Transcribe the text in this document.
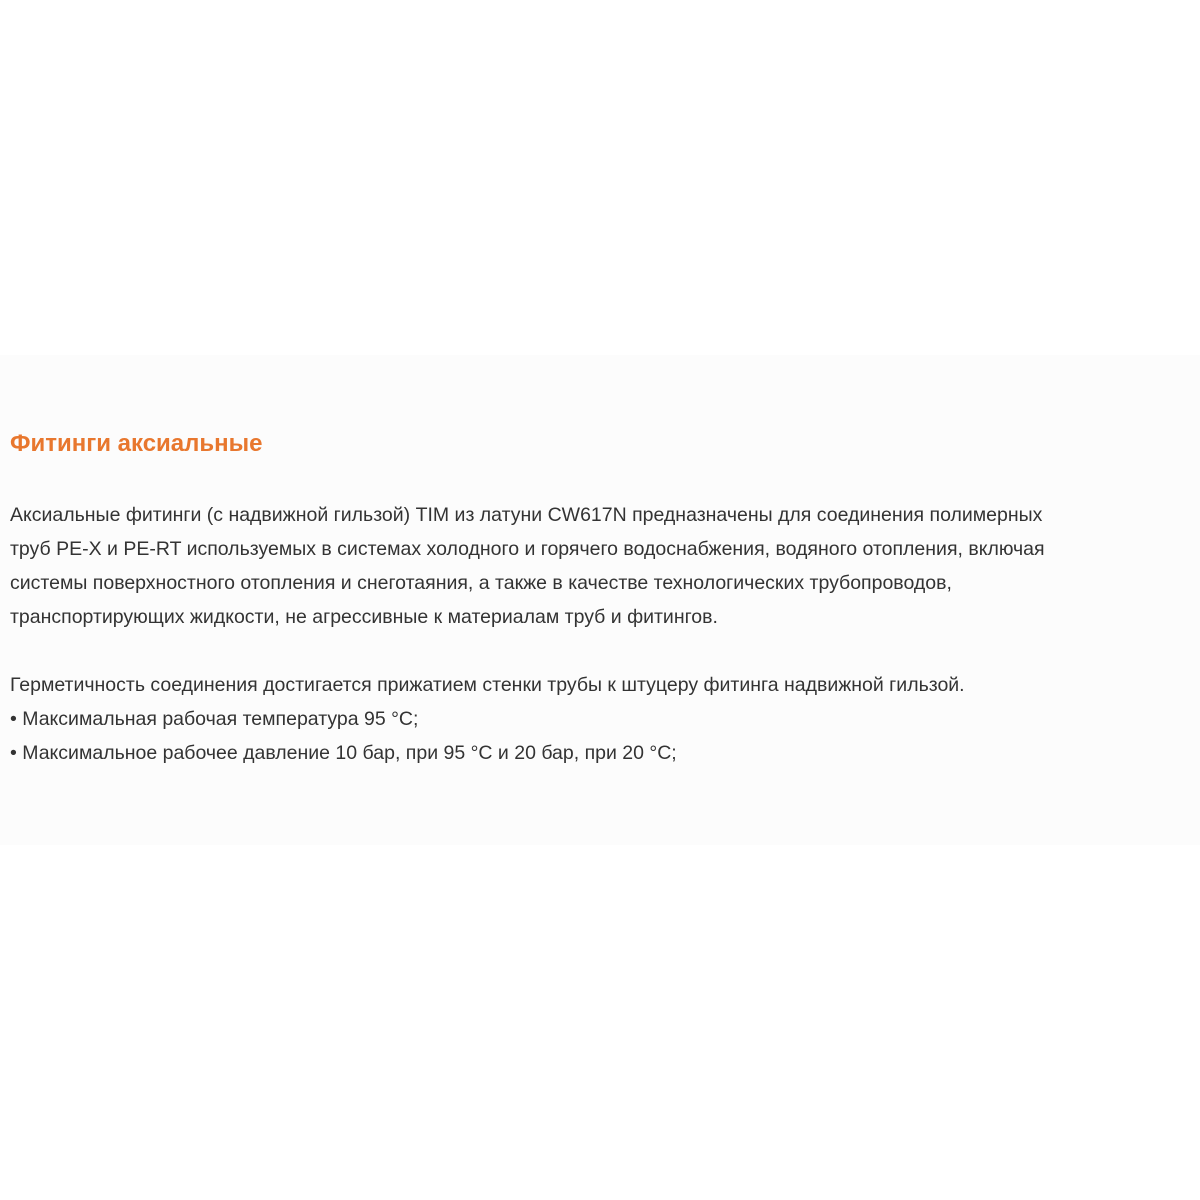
Фитинги аксиальные

Аксиальные фитинги (с надвижной гильзой) TIM из латуни CW617N предназначены для соединения полимерных
труб PE-X и PE-RT используемых в системах холодного и горячего водоснабжения, водяного отопления, включая
системы поверхностного отопления и снеготаяния, а также в качестве технологических трубопроводов,
транспортирующих жидкости, не агрессивные к материалам труб и фитингов.

Герметичность соединения достигается прижатием стенки трубы к штуцеру фитинга надвижной гильзой.
• Максимальная рабочая температура 95 °C;
• Максимальное рабочее давление 10 бар, при 95 °C и 20 бар, при 20 °C;
